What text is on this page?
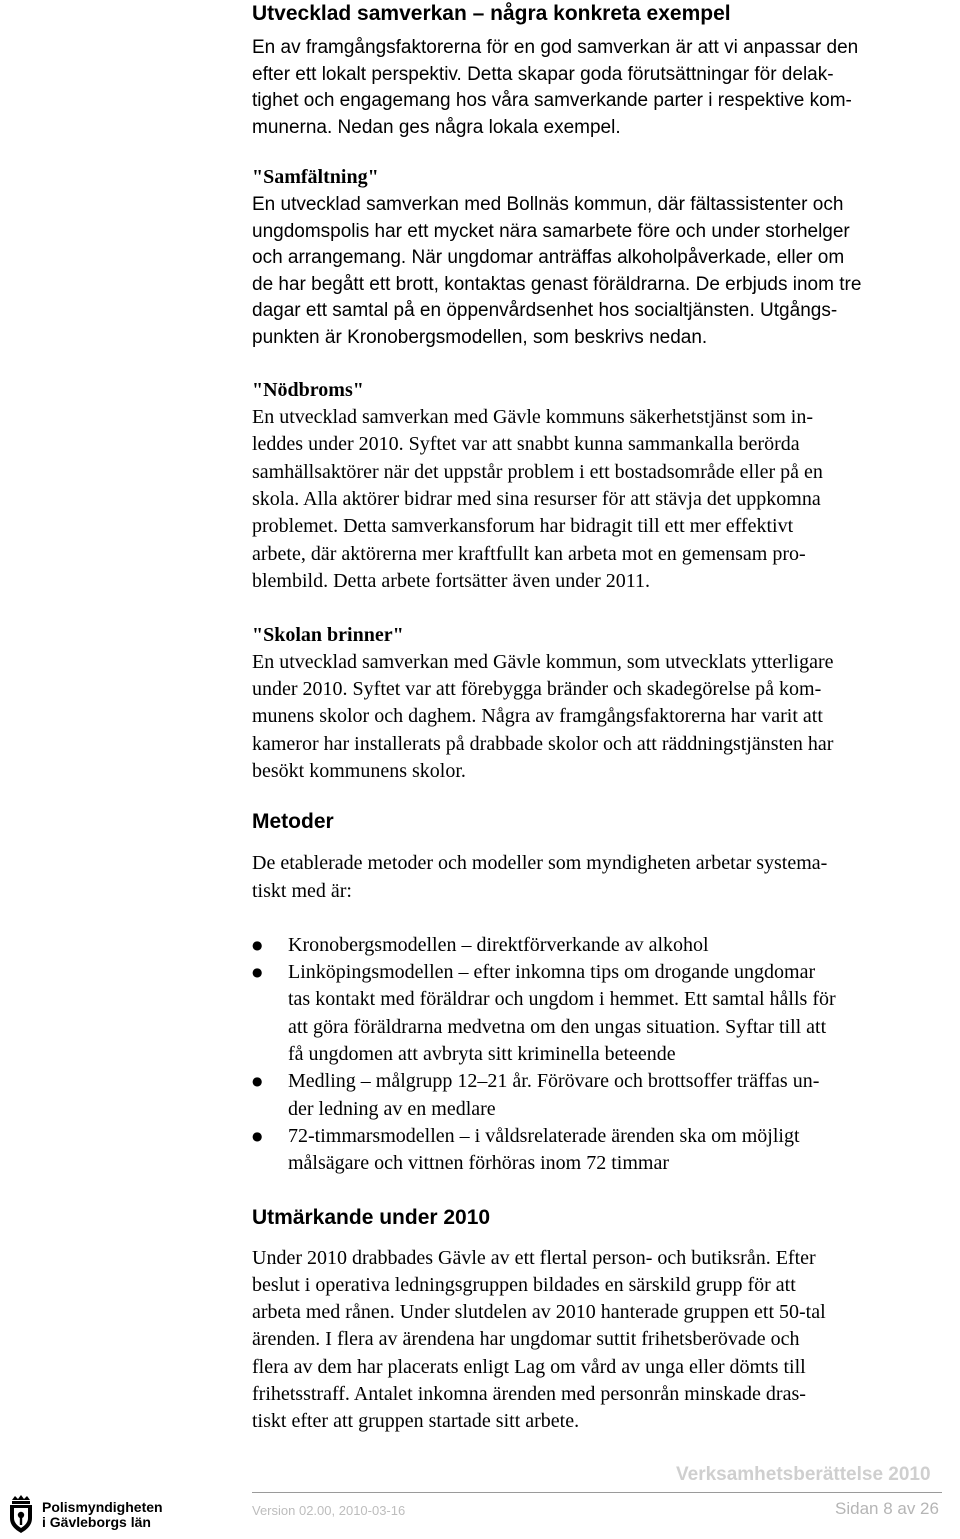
Utvecklad samverkan – några konkreta exempel

En av framgångsfaktorerna för en god samverkan är att vi anpassar den
efter ett lokalt perspektiv. Detta skapar goda förutsättningar för delak-
tighet och engagemang hos våra samverkande parter i respektive kom-
munerna. Nedan ges några lokala exempel.

"Samfältning"

En utvecklad samverkan med Bollnäs kommun, där fältassistenter och
ungdomspolis har ett mycket nära samarbete före och under storhelger
och arrangemang. När ungdomar anträffas alkoholpåverkade, eller om
de har begått ett brott, kontaktas genast föräldrarna. De erbjuds inom tre
dagar ett samtal på en öppenvårdsenhet hos socialtjänsten. Utgångs-
punkten är Kronobergsmodellen, som beskrivs nedan.

"Nödbroms"

En utvecklad samverkan med Gävle kommuns säkerhetstjänst som in-
leddes under 2010. Syftet var att snabbt kunna sammankalla berörda
samhällsaktörer när det uppstår problem i ett bostadsområde eller på en
skola. Alla aktörer bidrar med sina resurser för att stävja det uppkomna
problemet. Detta samverkansforum har bidragit till ett mer effektivt
arbete, där aktörerna mer kraftfullt kan arbeta mot en gemensam pro-
blembild. Detta arbete fortsätter även under 2011.

"Skolan brinner"

En utvecklad samverkan med Gävle kommun, som utvecklats ytterligare
under 2010. Syftet var att förebygga bränder och skadegörelse på kom-
munens skolor och daghem. Några av framgångsfaktorerna har varit att
kameror har installerats på drabbade skolor och att räddningstjänsten har
besökt kommunens skolor.

Metoder

De etablerade metoder och modeller som myndigheten arbetar systema-
tiskt med är:

● Kronobergsmodellen – direktförverkande av alkohol
● Linköpingsmodellen – efter inkomna tips om drogande ungdomar
tas kontakt med föräldrar och ungdom i hemmet. Ett samtal hålls för
att göra föräldrarna medvetna om den ungas situation. Syftar till att
få ungdomen att avbryta sitt kriminella beteende
● Medling – målgrupp 12–21 år. Förövare och brottsoffer träffas un-
der ledning av en medlare
● 72-timmarsmodellen – i våldsrelaterade ärenden ska om möjligt
målsägare och vittnen förhöras inom 72 timmar
Utmärkande under 2010

Under 2010 drabbades Gävle av ett flertal person- och butiksrån. Efter
beslut i operativa ledningsgruppen bildades en särskild grupp för att
arbeta med rånen. Under slutdelen av 2010 hanterade gruppen ett 50-tal
ärenden. I flera av ärendena har ungdomar suttit frihetsberövade och
flera av dem har placerats enligt Lag om vård av unga eller dömts till
frihetsstraff. Antalet inkomna ärenden med personrån minskade dras-
tiskt efter att gruppen startade sitt arbete.

Verksamhetsberättelse 2010
Version 02.00, 2010-03-16	Sidan 8 av 26
Polismyndigheten
i Gävleborgs län
